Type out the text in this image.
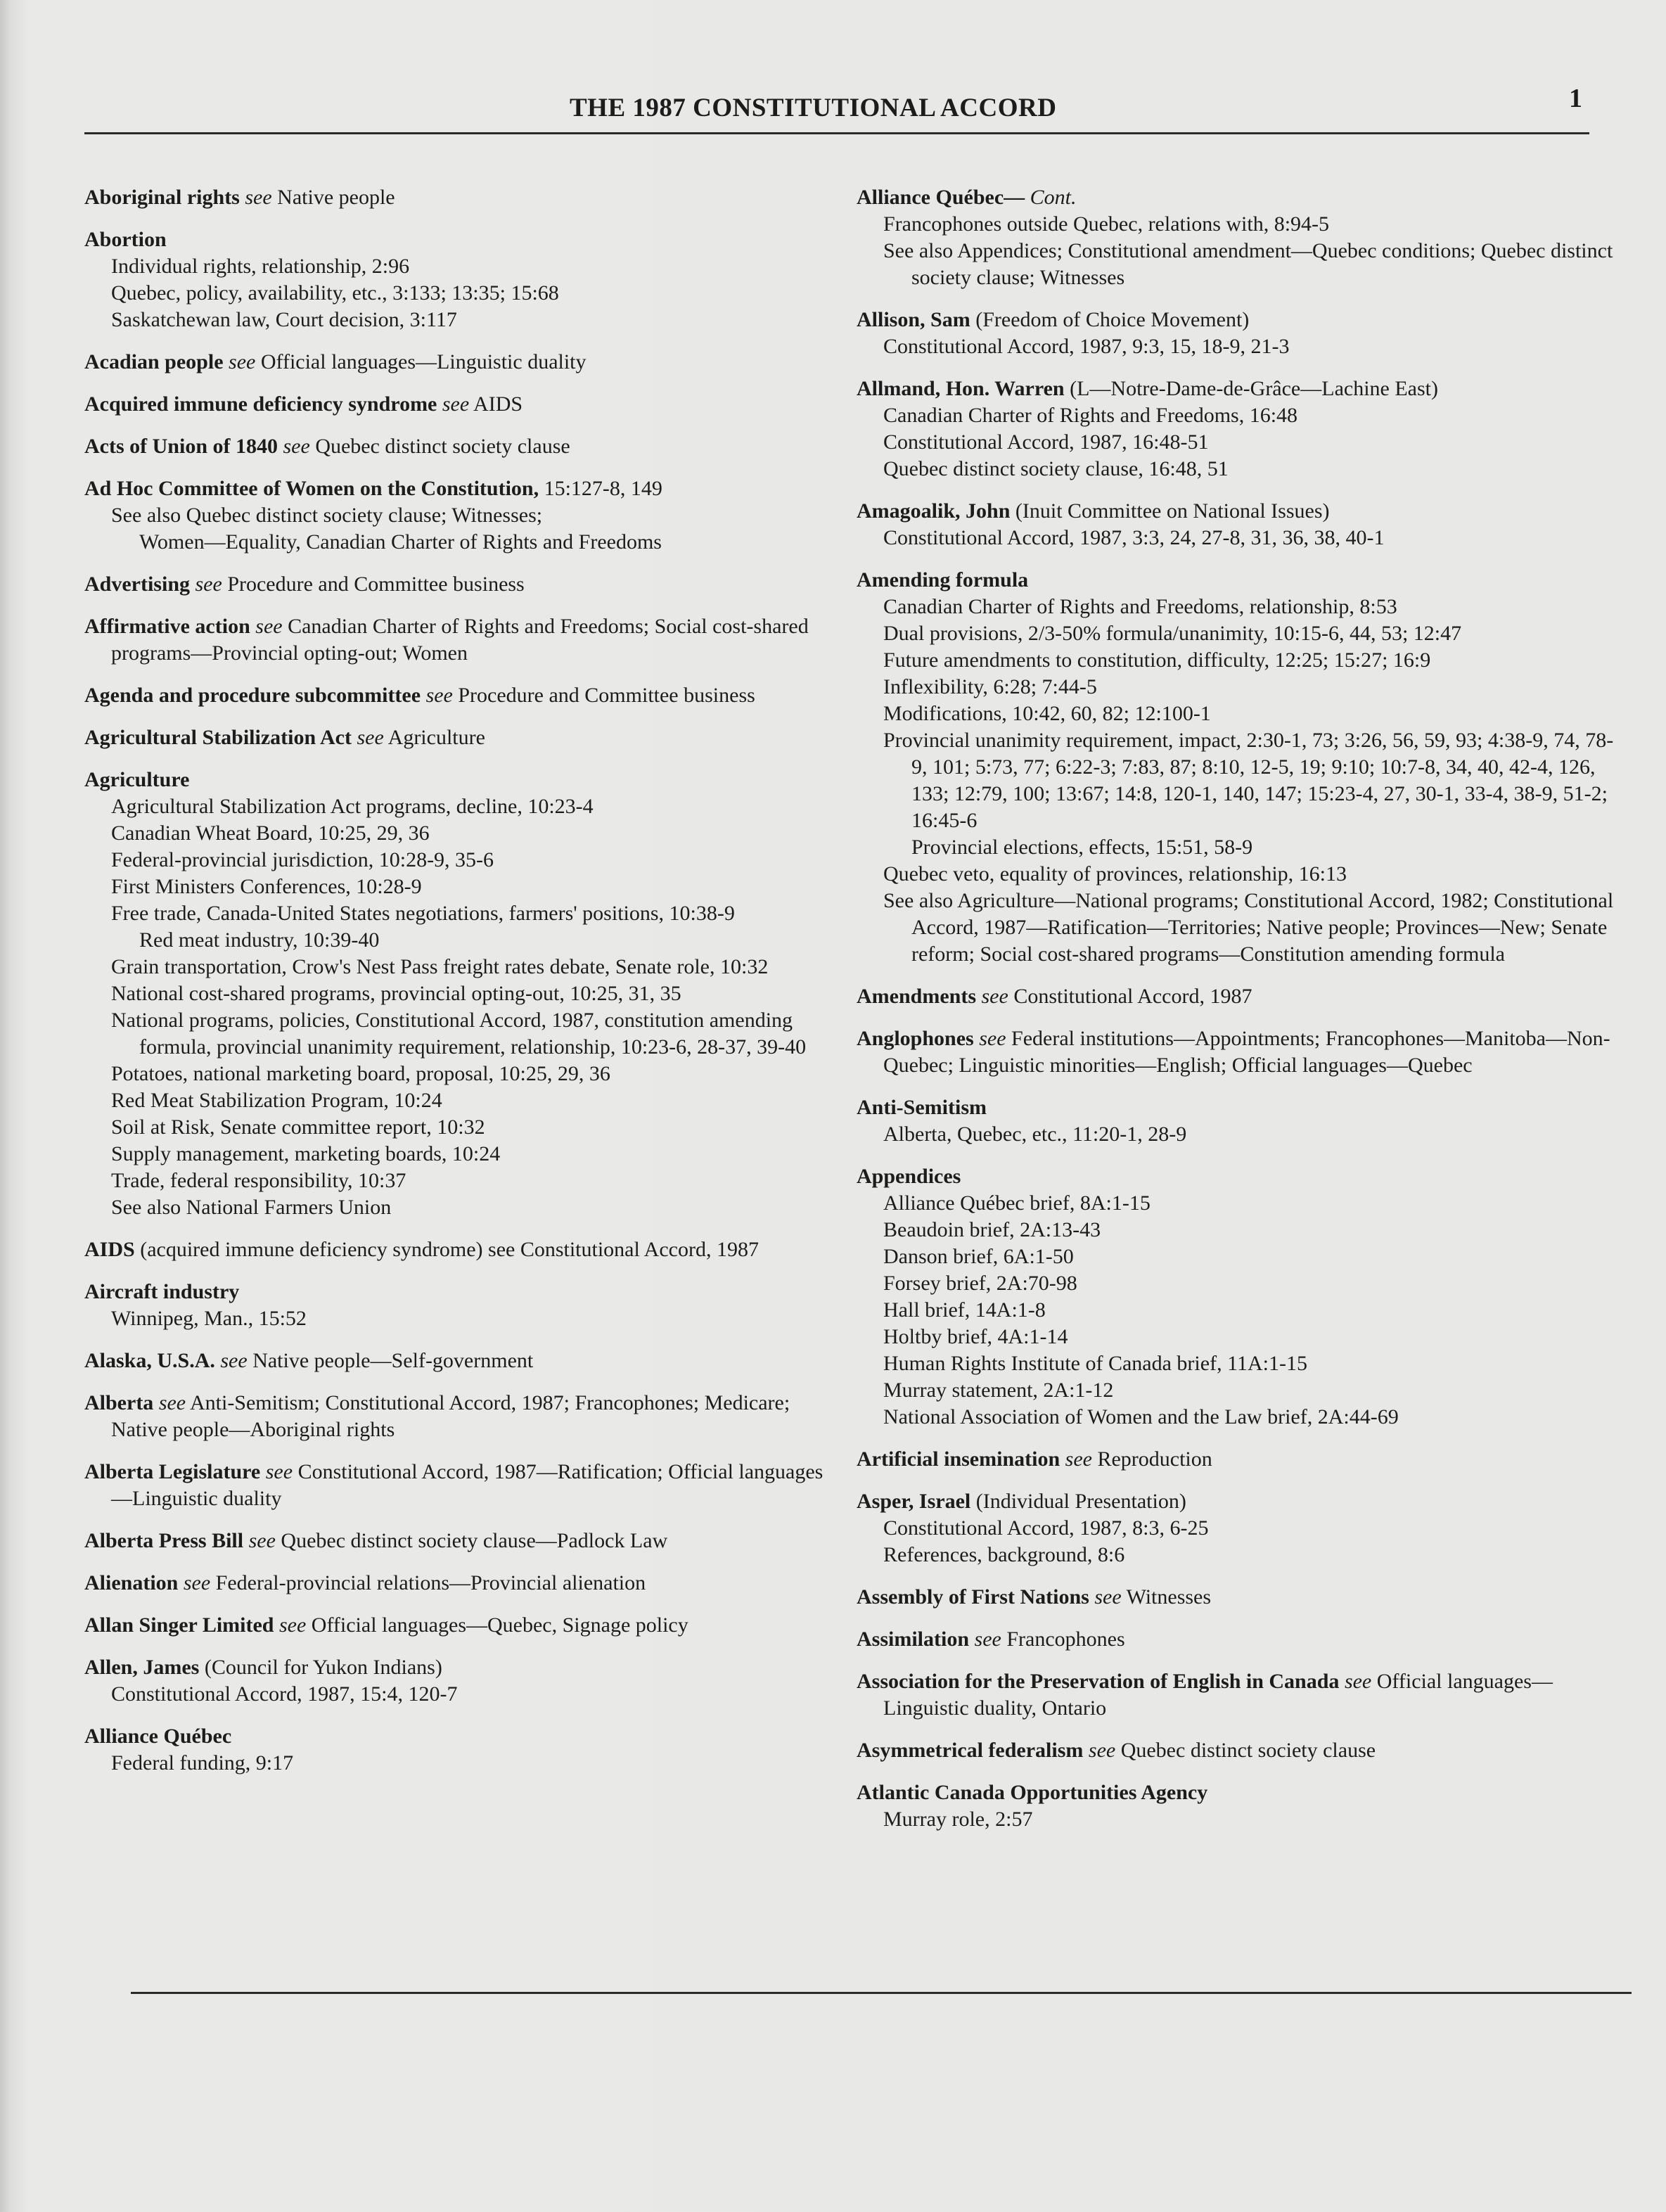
THE 1987 CONSTITUTIONAL ACCORD	1
Aboriginal rights see Native people
Abortion
Individual rights, relationship, 2:96
Quebec, policy, availability, etc., 3:133; 13:35; 15:68
Saskatchewan law, Court decision, 3:117
Acadian people see Official languages—Linguistic duality
Acquired immune deficiency syndrome see AIDS
Acts of Union of 1840 see Quebec distinct society clause
Ad Hoc Committee of Women on the Constitution, 15:127-8, 149
See also Quebec distinct society clause; Witnesses;
Women—Equality, Canadian Charter of Rights and Freedoms
Advertising see Procedure and Committee business
Affirmative action see Canadian Charter of Rights and Freedoms; Social cost-shared programs—Provincial opting-out; Women
Agenda and procedure subcommittee see Procedure and Committee business
Agricultural Stabilization Act see Agriculture
Agriculture
Agricultural Stabilization Act programs, decline, 10:23-4
Canadian Wheat Board, 10:25, 29, 36
Federal-provincial jurisdiction, 10:28-9, 35-6
First Ministers Conferences, 10:28-9
Free trade, Canada-United States negotiations, farmers' positions, 10:38-9
Red meat industry, 10:39-40
Grain transportation, Crow's Nest Pass freight rates debate, Senate role, 10:32
National cost-shared programs, provincial opting-out, 10:25, 31, 35
National programs, policies, Constitutional Accord, 1987, constitution amending formula, provincial unanimity requirement, relationship, 10:23-6, 28-37, 39-40
Potatoes, national marketing board, proposal, 10:25, 29, 36
Red Meat Stabilization Program, 10:24
Soil at Risk, Senate committee report, 10:32
Supply management, marketing boards, 10:24
Trade, federal responsibility, 10:37
See also National Farmers Union
AIDS (acquired immune deficiency syndrome) see Constitutional Accord, 1987
Aircraft industry
Winnipeg, Man., 15:52
Alaska, U.S.A. see Native people—Self-government
Alberta see Anti-Semitism; Constitutional Accord, 1987; Francophones; Medicare; Native people—Aboriginal rights
Alberta Legislature see Constitutional Accord, 1987—Ratification; Official languages—Linguistic duality
Alberta Press Bill see Quebec distinct society clause—Padlock Law
Alienation see Federal-provincial relations—Provincial alienation
Allan Singer Limited see Official languages—Quebec, Signage policy
Allen, James (Council for Yukon Indians)
Constitutional Accord, 1987, 15:4, 120-7
Alliance Québec
Federal funding, 9:17
Alliance Québec— Cont.
Francophones outside Quebec, relations with, 8:94-5
See also Appendices; Constitutional amendment—Quebec conditions; Quebec distinct society clause; Witnesses
Allison, Sam (Freedom of Choice Movement)
Constitutional Accord, 1987, 9:3, 15, 18-9, 21-3
Allmand, Hon. Warren (L—Notre-Dame-de-Grâce—Lachine East)
Canadian Charter of Rights and Freedoms, 16:48
Constitutional Accord, 1987, 16:48-51
Quebec distinct society clause, 16:48, 51
Amagoalik, John (Inuit Committee on National Issues)
Constitutional Accord, 1987, 3:3, 24, 27-8, 31, 36, 38, 40-1
Amending formula
Canadian Charter of Rights and Freedoms, relationship, 8:53
Dual provisions, 2/3-50% formula/unanimity, 10:15-6, 44, 53; 12:47
Future amendments to constitution, difficulty, 12:25; 15:27; 16:9
Inflexibility, 6:28; 7:44-5
Modifications, 10:42, 60, 82; 12:100-1
Provincial unanimity requirement, impact, 2:30-1, 73; 3:26, 56, 59, 93; 4:38-9, 74, 78-9, 101; 5:73, 77; 6:22-3; 7:83, 87; 8:10, 12-5, 19; 9:10; 10:7-8, 34, 40, 42-4, 126, 133; 12:79, 100; 13:67; 14:8, 120-1, 140, 147; 15:23-4, 27, 30-1, 33-4, 38-9, 51-2; 16:45-6
Provincial elections, effects, 15:51, 58-9
Quebec veto, equality of provinces, relationship, 16:13
See also Agriculture—National programs; Constitutional Accord, 1982; Constitutional Accord, 1987—Ratification—Territories; Native people; Provinces—New; Senate reform; Social cost-shared programs—Constitution amending formula
Amendments see Constitutional Accord, 1987
Anglophones see Federal institutions—Appointments; Francophones—Manitoba—Non-Quebec; Linguistic minorities—English; Official languages—Quebec
Anti-Semitism
Alberta, Quebec, etc., 11:20-1, 28-9
Appendices
Alliance Québec brief, 8A:1-15
Beaudoin brief, 2A:13-43
Danson brief, 6A:1-50
Forsey brief, 2A:70-98
Hall brief, 14A:1-8
Holtby brief, 4A:1-14
Human Rights Institute of Canada brief, 11A:1-15
Murray statement, 2A:1-12
National Association of Women and the Law brief, 2A:44-69
Artificial insemination see Reproduction
Asper, Israel (Individual Presentation)
Constitutional Accord, 1987, 8:3, 6-25
References, background, 8:6
Assembly of First Nations see Witnesses
Assimilation see Francophones
Association for the Preservation of English in Canada see Official languages—Linguistic duality, Ontario
Asymmetrical federalism see Quebec distinct society clause
Atlantic Canada Opportunities Agency
Murray role, 2:57
